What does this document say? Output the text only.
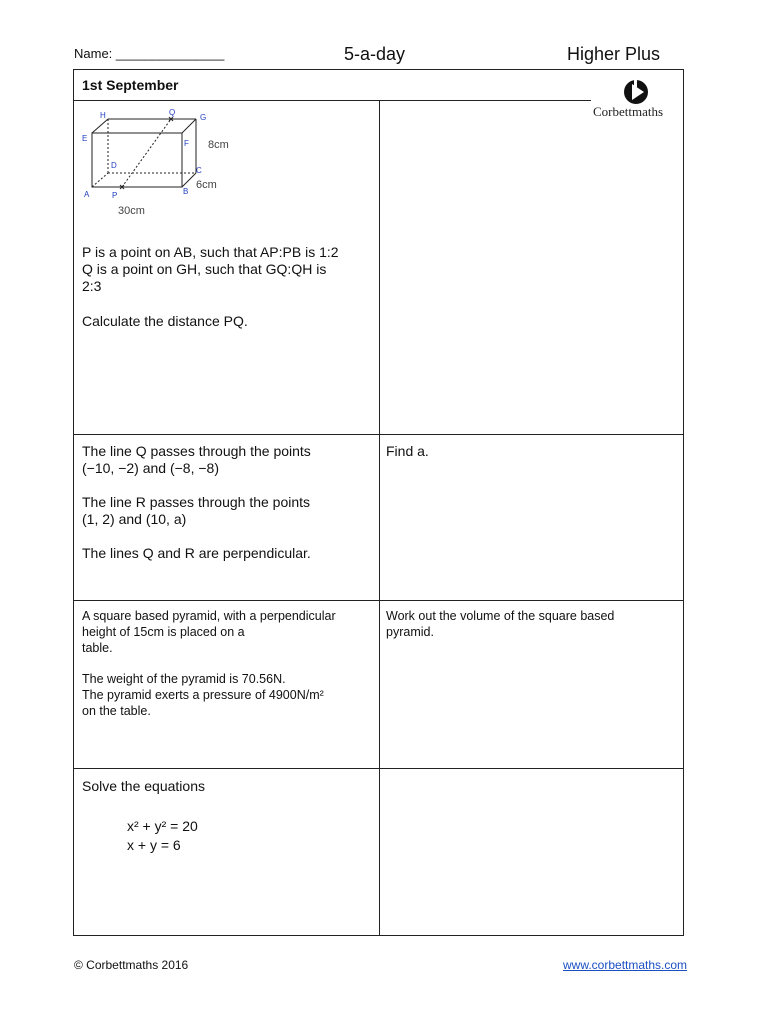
Name: _______________	5-a-day	Higher Plus
1st September
Corbettmaths
H	Q
G
E
F
D
C
A	P	B
8cm
6cm
30cm
P is a point on AB, such that AP:PB is 1:2
Q is a point on GH, such that GQ:QH is
2:3
Calculate the distance PQ.
The line Q passes through the points
(−10, −2) and (−8, −8)
The line R passes through the points
(1, 2) and (10, a)
The lines Q and R are perpendicular.
Find a.
A square based pyramid, with a perpendicular
height of 15cm is placed on a
table.
The weight of the pyramid is 70.56N.
The pyramid exerts a pressure of 4900N/m²
on the table.
Work out the volume of the square based
pyramid.
Solve the equations
x² + y² = 20
x + y = 6
© Corbettmaths 2016	www.corbettmaths.com
